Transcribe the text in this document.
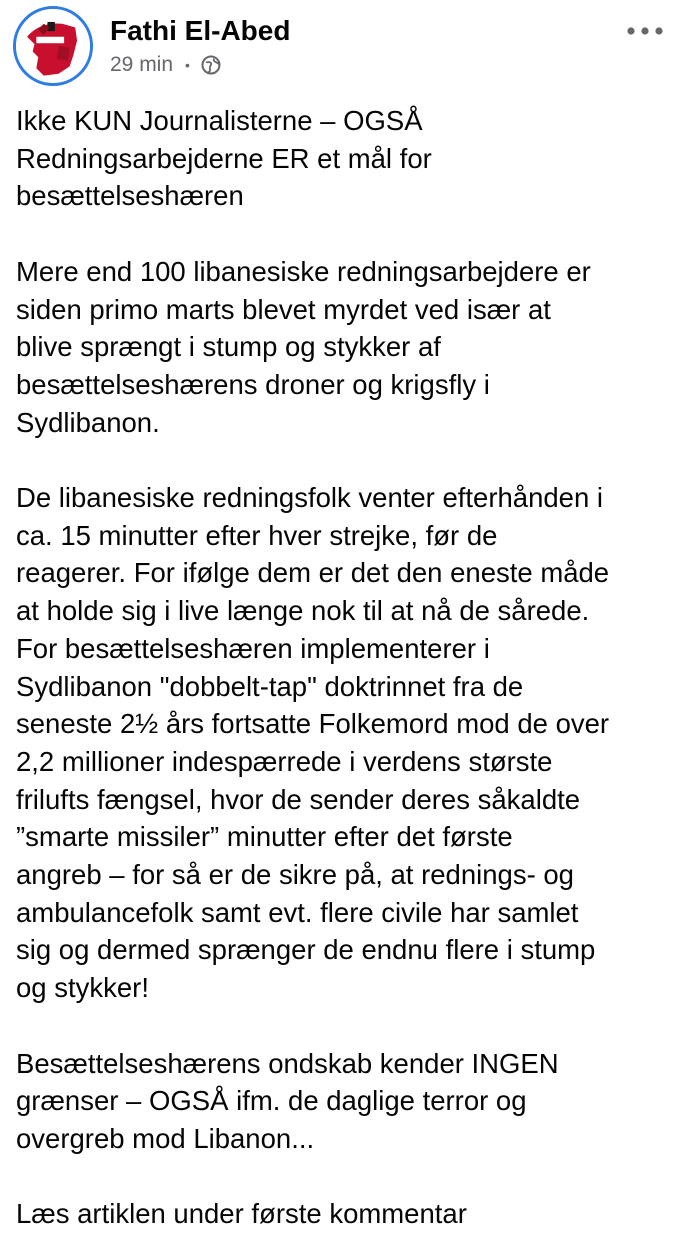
Fathi El-Abed
29 min •

Ikke KUN Journalisterne – OGSÅ
Redningsarbejderne ER et mål for
besættelseshæren

Mere end 100 libanesiske redningsarbejdere er
siden primo marts blevet myrdet ved især at
blive sprængt i stump og stykker af
besættelseshærens droner og krigsfly i
Sydlibanon.

De libanesiske redningsfolk venter efterhånden i
ca. 15 minutter efter hver strejke, før de
reagerer. For ifølge dem er det den eneste måde
at holde sig i live længe nok til at nå de sårede.
For besættelseshæren implementerer i
Sydlibanon "dobbelt-tap" doktrinnet fra de
seneste 2½ års fortsatte Folkemord mod de over
2,2 millioner indespærrede i verdens største
frilufts fængsel, hvor de sender deres såkaldte
”smarte missiler” minutter efter det første
angreb – for så er de sikre på, at rednings- og
ambulancefolk samt evt. flere civile har samlet
sig og dermed sprænger de endnu flere i stump
og stykker!

Besættelseshærens ondskab kender INGEN
grænser – OGSÅ ifm. de daglige terror og
overgreb mod Libanon...

Læs artiklen under første kommentar
